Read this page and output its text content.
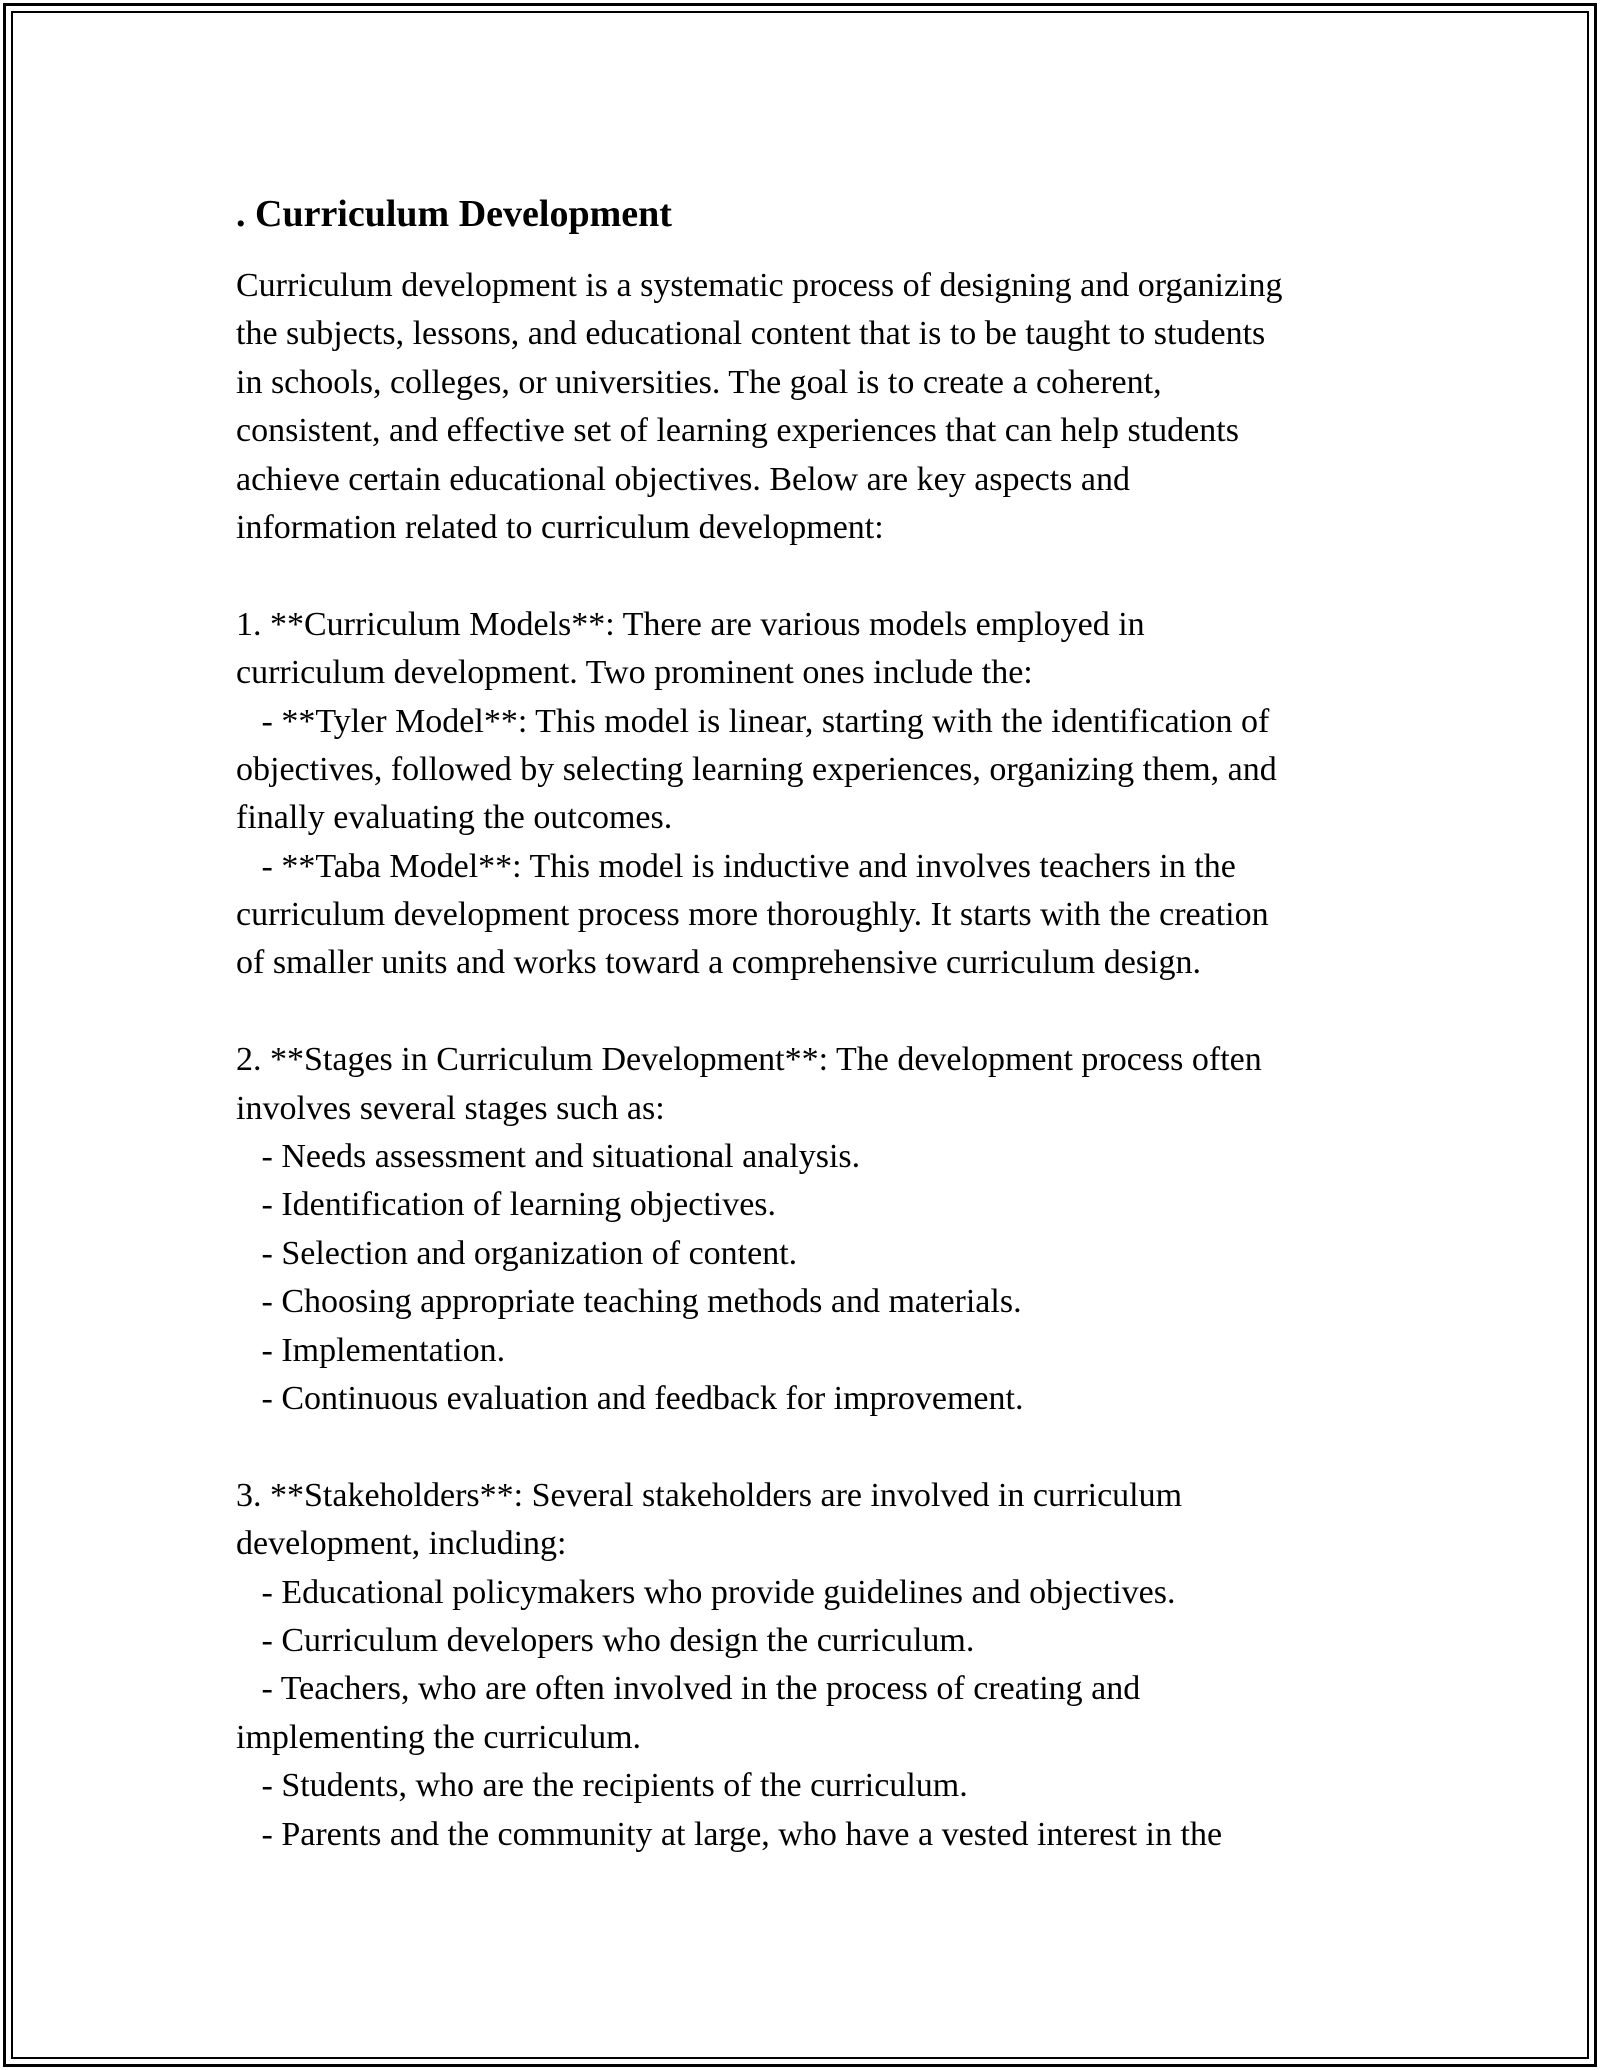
. Curriculum Development
Curriculum development is a systematic process of designing and organizing
the subjects, lessons, and educational content that is to be taught to students
in schools, colleges, or universities. The goal is to create a coherent,
consistent, and effective set of learning experiences that can help students
achieve certain educational objectives. Below are key aspects and
information related to curriculum development:
1. **Curriculum Models**: There are various models employed in
curriculum development. Two prominent ones include the:
- **Tyler Model**: This model is linear, starting with the identification of
objectives, followed by selecting learning experiences, organizing them, and
finally evaluating the outcomes.
- **Taba Model**: This model is inductive and involves teachers in the
curriculum development process more thoroughly. It starts with the creation
of smaller units and works toward a comprehensive curriculum design.
2. **Stages in Curriculum Development**: The development process often
involves several stages such as:
- Needs assessment and situational analysis.
- Identification of learning objectives.
- Selection and organization of content.
- Choosing appropriate teaching methods and materials.
- Implementation.
- Continuous evaluation and feedback for improvement.
3. **Stakeholders**: Several stakeholders are involved in curriculum
development, including:
- Educational policymakers who provide guidelines and objectives.
- Curriculum developers who design the curriculum.
- Teachers, who are often involved in the process of creating and
implementing the curriculum.
- Students, who are the recipients of the curriculum.
- Parents and the community at large, who have a vested interest in the
